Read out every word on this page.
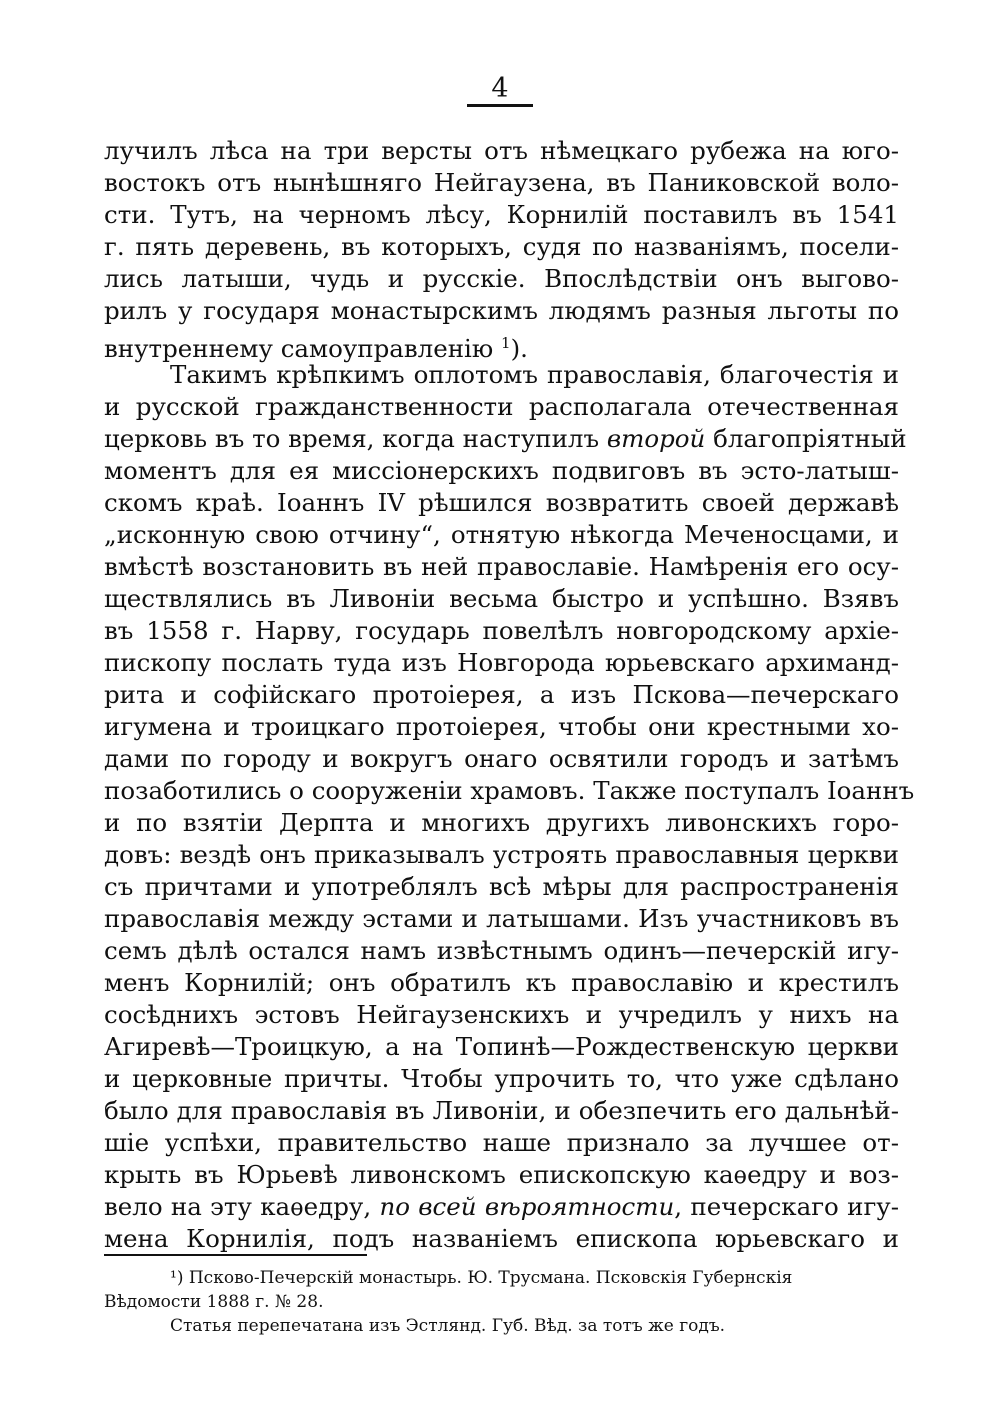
4
лучилъ лѣса на три версты отъ нѣмецкаго рубежа на юго-
востокъ отъ нынѣшняго Нейгаузена, въ Паниковской воло-
сти. Тутъ, на черномъ лѣсу, Корнилій поставилъ въ 1541
г. пять деревень, въ которыхъ, судя по названіямъ, посели-
лись латыши, чудь и русскіе. Впослѣдствіи онъ выгово-
рилъ у государя монастырскимъ людямъ разныя льготы по
внутреннему самоуправленію $^1$).
Такимъ крѣпкимъ оплотомъ православія, благочестія и
и русской гражданственности располагала отечественная
церковь въ то время, когда наступилъ второй благопріятный
моментъ для ея миссіонерскихъ подвиговъ въ эсто-латыш-
скомъ краѣ. Іоаннъ IV рѣшился возвратить своей державѣ
„исконную свою отчину“, отнятую нѣкогда Меченосцами, и
вмѣстѣ возстановить въ ней православіе. Намѣренія его осу-
ществлялись въ Ливоніи весьма быстро и успѣшно. Взявъ
въ 1558 г. Нарву, государь повелѣлъ новгородскому архіе-
пископу послать туда изъ Новгорода юрьевскаго архиманд-
рита и софійскаго протоіерея, а изъ Пскова—печерскаго
игумена и троицкаго протоіерея, чтобы они крестными хо-
дами по городу и вокругъ онаго освятили городъ и затѣмъ
позаботились о сооруженіи храмовъ. Также поступалъ Іоаннъ
и по взятіи Дерпта и многихъ другихъ ливонскихъ горо-
довъ: вездѣ онъ приказывалъ устроять православныя церкви
съ причтами и употреблялъ всѣ мѣры для распространенія
православія между эстами и латышами. Изъ участниковъ въ
семъ дѣлѣ остался намъ извѣстнымъ одинъ—печерскій игу-
менъ Корнилій; онъ обратилъ къ православію и крестилъ
сосѣднихъ эстовъ Нейгаузенскихъ и учредилъ у нихъ на
Агиревѣ—Троицкую, а на Топинѣ—Рождественскую церкви
и церковные причты. Чтобы упрочить то, что уже сдѣлано
было для православія въ Ливоніи, и обезпечить его дальнѣй-
шіе успѣхи, правительство наше признало за лучшее от-
крыть въ Юрьевѣ ливонскомъ епископскую каѳедру и воз-
вело на эту каѳедру, по всей вѣроятности, печерскаго игу-
мена Корнилія, подъ названіемъ епископа юрьевскаго и
¹) Псково-Печерскій монастырь. Ю. Трусмана. Псковскія Губернскія
Вѣдомости 1888 г. № 28.
Статья перепечатана изъ Эстлянд. Губ. Вѣд. за тотъ же годъ.
